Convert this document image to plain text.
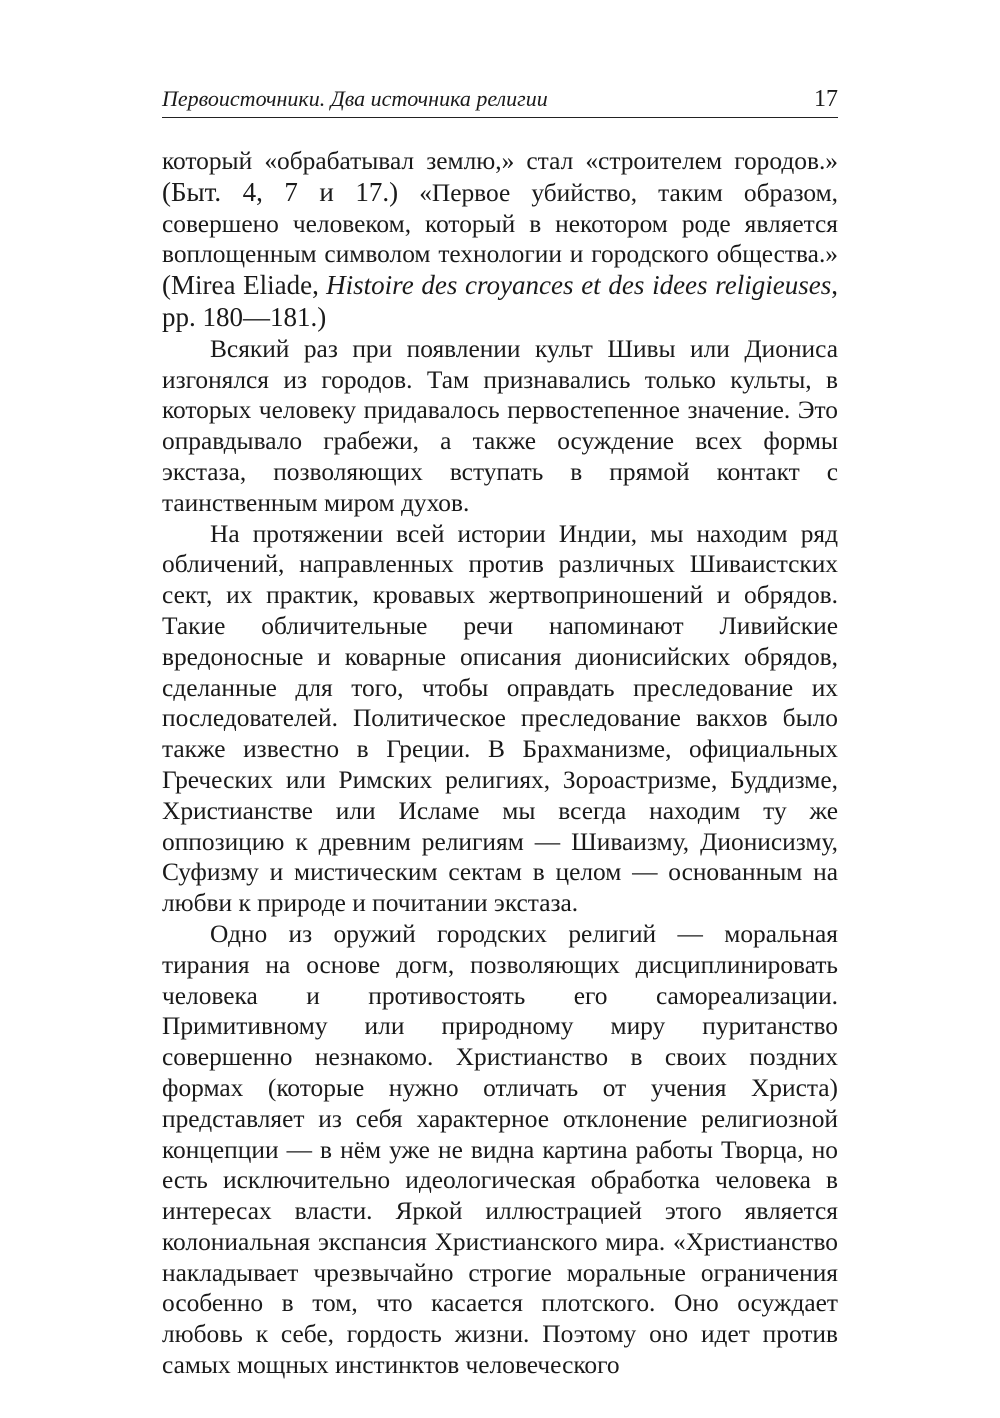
Первоисточники. Два источника религии	17

который «обрабатывал землю,» стал «строителем городов.» (Быт. 4, 7 и 17.) «Первое убийство, таким образом, совершено человеком, который в некотором роде является воплощенным символом технологии и городского общества.» (Mirea Eliade, Histoire des croyances et des idees religieuses, pp. 180—181.)

Всякий раз при появлении культ Шивы или Диониса изгонялся из городов. Там признавались только культы, в которых человеку придавалось первостепенное значение. Это оправдывало грабежи, а также осуждение всех формы экстаза, позволяющих вступать в прямой контакт с таинственным миром духов.

На протяжении всей истории Индии, мы находим ряд обличений, направленных против различных Шиваистских сект, их практик, кровавых жертвоприношений и обрядов. Такие обличительные речи напоминают Ливийские вредоносные и коварные описания дионисийских обрядов, сделанные для того, чтобы оправдать преследование их последователей. Политическое преследование вакхов было также известно в Греции. В Брахманизме, официальных Греческих или Римских религиях, Зороастризме, Буддизме, Христианстве или Исламе мы всегда находим ту же оппозицию к древним религиям — Шиваизму, Дионисизму, Суфизму и мистическим сектам в целом — основанным на любви к природе и почитании экстаза.

Одно из оружий городских религий — моральная тирания на основе догм, позволяющих дисциплинировать человека и противостоять его самореализации. Примитивному или природному миру пуританство совершенно незнакомо. Христианство в своих поздних формах (которые нужно отличать от учения Христа) представляет из себя характерное отклонение религиозной концепции — в нём уже не видна картина работы Творца, но есть исключительно идеологическая обработка человека в интересах власти. Яркой иллюстрацией этого является колониальная экспансия Христианского мира. «Христианство накладывает чрезвычайно строгие моральные ограничения особенно в том, что касается плотского. Оно осуждает любовь к себе, гордость жизни. Поэтому оно идет против самых мощных инстинктов человеческого
